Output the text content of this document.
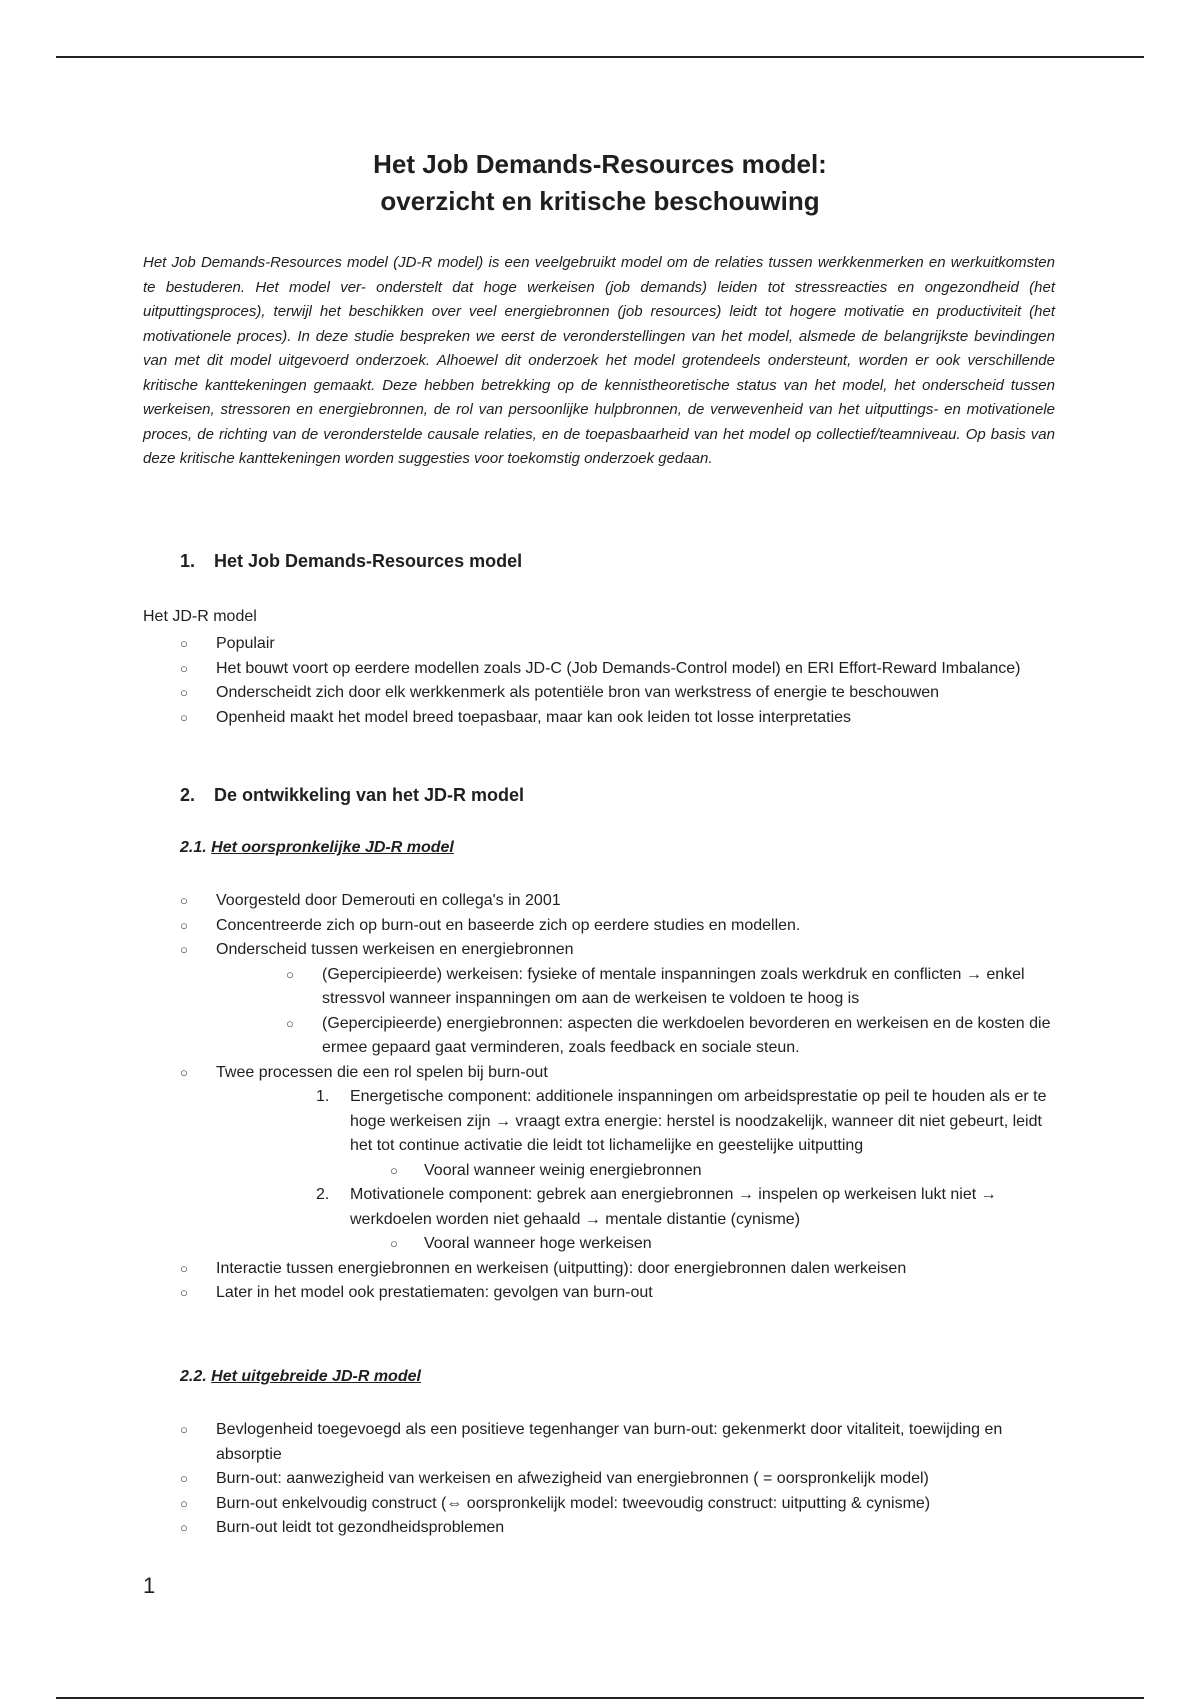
Het Job Demands-Resources model:
overzicht en kritische beschouwing

Het Job Demands-Resources model (JD-R model) is een veelgebruikt model om de relaties tussen werkkenmerken en werkuitkomsten te bestuderen. Het model ver- onderstelt dat hoge werkeisen (job demands) leiden tot stressreacties en ongezondheid (het uitputtingsproces), terwijl het beschikken over veel energiebronnen (job resources) leidt tot hogere motivatie en productiviteit (het motivationele proces). In deze studie bespreken we eerst de veronderstellingen van het model, alsmede de belangrijkste bevindingen van met dit model uitgevoerd onderzoek. Alhoewel dit onderzoek het model grotendeels ondersteunt, worden er ook verschillende kritische kanttekeningen gemaakt. Deze hebben betrekking op de kennistheoretische status van het model, het onderscheid tussen werkeisen, stressoren en energiebronnen, de rol van persoonlijke hulpbronnen, de verwevenheid van het uitputtings- en motivationele proces, de richting van de veronderstelde causale relaties, en de toepasbaarheid van het model op collectief/teamniveau. Op basis van deze kritische kanttekeningen worden suggesties voor toekomstig onderzoek gedaan.

1. Het Job Demands-Resources model

Het JD-R model

○ Populair
○ Het bouwt voort op eerdere modellen zoals JD-C (Job Demands-Control model) en ERI Effort-Reward Imbalance)
○ Onderscheidt zich door elk werkkenmerk als potentiële bron van werkstress of energie te beschouwen
○ Openheid maakt het model breed toepasbaar, maar kan ook leiden tot losse interpretaties
2. De ontwikkeling van het JD-R model
2.1. Het oorspronkelijke JD-R model
○ Voorgesteld door Demerouti en collega's in 2001
○ Concentreerde zich op burn-out en baseerde zich op eerdere studies en modellen.
○ Onderscheid tussen werkeisen en energiebronnen
○ (Gepercipieerde) werkeisen: fysieke of mentale inspanningen zoals werkdruk en conflicten → enkel stressvol wanneer inspanningen om aan de werkeisen te voldoen te hoog is
○ (Gepercipieerde) energiebronnen: aspecten die werkdoelen bevorderen en werkeisen en de kosten die ermee gepaard gaat verminderen, zoals feedback en sociale steun.
○ Twee processen die een rol spelen bij burn-out
1. Energetische component: additionele inspanningen om arbeidsprestatie op peil te houden als er te hoge werkeisen zijn → vraagt extra energie: herstel is noodzakelijk, wanneer dit niet gebeurt, leidt het tot continue activatie die leidt tot lichamelijke en geestelijke uitputting
○ Vooral wanneer weinig energiebronnen
2. Motivationele component: gebrek aan energiebronnen → inspelen op werkeisen lukt niet → werkdoelen worden niet gehaald → mentale distantie (cynisme)
○ Vooral wanneer hoge werkeisen
○ Interactie tussen energiebronnen en werkeisen (uitputting): door energiebronnen dalen werkeisen
○ Later in het model ook prestatiematen: gevolgen van burn-out
2.2. Het uitgebreide JD-R model
○ Bevlogenheid toegevoegd als een positieve tegenhanger van burn-out: gekenmerkt door vitaliteit, toewijding en absorptie
○ Burn-out: aanwezigheid van werkeisen en afwezigheid van energiebronnen ( = oorspronkelijk model)
○ Burn-out enkelvoudig construct (⇔ oorspronkelijk model: tweevoudig construct: uitputting & cynisme)
○ Burn-out leidt tot gezondheidsproblemen

1
